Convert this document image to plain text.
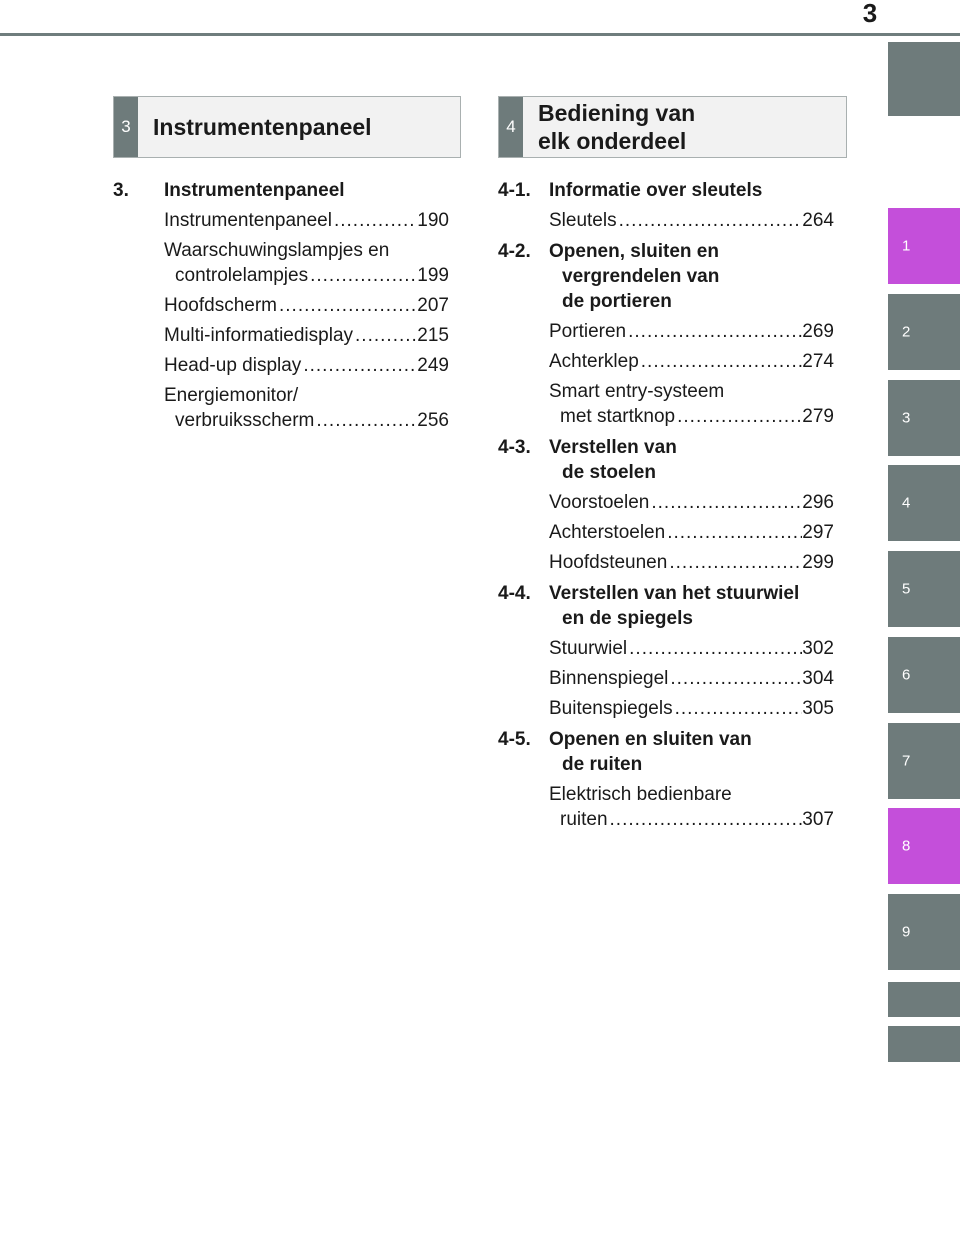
3
1
2
3
4
5
6
7
8
9
3 Instrumentenpaneel	4
Bediening van
elk onderdeel
3. Instrumentenpaneel
Instrumentenpaneel .....	190
Waarschuwingslampjes en
controlelampjes .....	199
Hoofdscherm .....	207
Multi-informatiedisplay .....	215
Head-up display .....	249
Energiemonitor/
verbruiksscherm .....	256
4-1. Informatie over sleutels
Sleutels .....	264
4-2. Openen, sluiten en
vergrendelen van
de portieren
Portieren .....	269
Achterklep .....	274
Smart entry-systeem
met startknop .....	279
4-3. Verstellen van
de stoelen
Voorstoelen .....	296
Achterstoelen .....	297
Hoofdsteunen .....	299
4-4. Verstellen van het stuurwiel
en de spiegels
Stuurwiel .....	302
Binnenspiegel .....	304
Buitenspiegels .....	305
4-5. Openen en sluiten van
de ruiten
Elektrisch bedienbare
ruiten .....	307
